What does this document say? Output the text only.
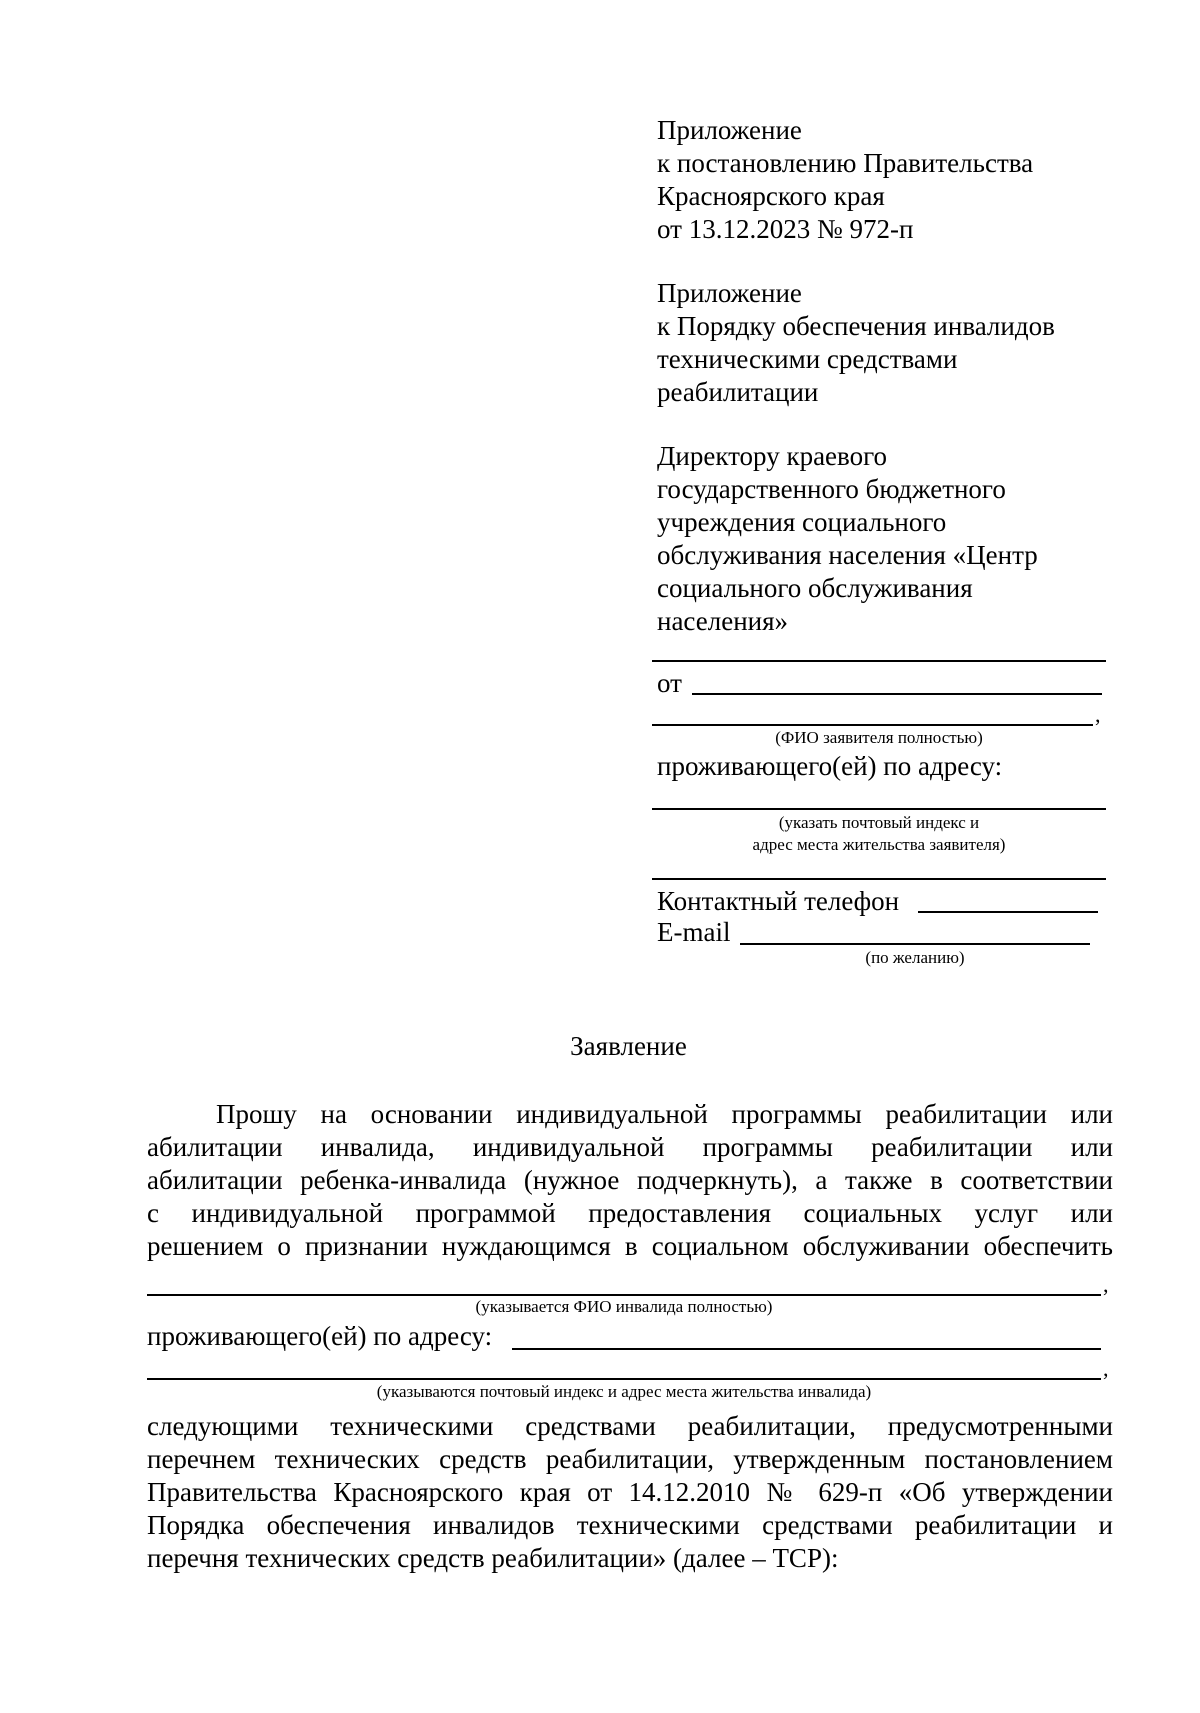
Приложение
к постановлению Правительства
Красноярского края
от 13.12.2023 № 972-п
Приложение
к Порядку обеспечения инвалидов
техническими средствами
реабилитации
Директору краевого
государственного бюджетного
учреждения социального
обслуживания населения «Центр
социального обслуживания
населения»
от
,
(ФИО заявителя полностью)
проживающего(ей) по адресу:
(указать почтовый индекс и
адрес места жительства заявителя)
Контактный телефон
E-mail
(по желанию)
Заявление
Прошу на основании индивидуальной программы реабилитации или
абилитации инвалида, индивидуальной программы реабилитации или
абилитации ребенка-инвалида (нужное подчеркнуть), а также в соответствии
с индивидуальной программой предоставления социальных услуг или
решением о признании нуждающимся в социальном обслуживании обеспечить
,
(указывается ФИО инвалида полностью)
проживающего(ей) по адресу:
,
(указываются почтовый индекс и адрес места жительства инвалида)
следующими техническими средствами реабилитации, предусмотренными
перечнем технических средств реабилитации, утвержденным постановлением
Правительства Красноярского края от 14.12.2010 № 629-п «Об утверждении
Порядка обеспечения инвалидов техническими средствами реабилитации и
перечня технических средств реабилитации» (далее – ТСР):
